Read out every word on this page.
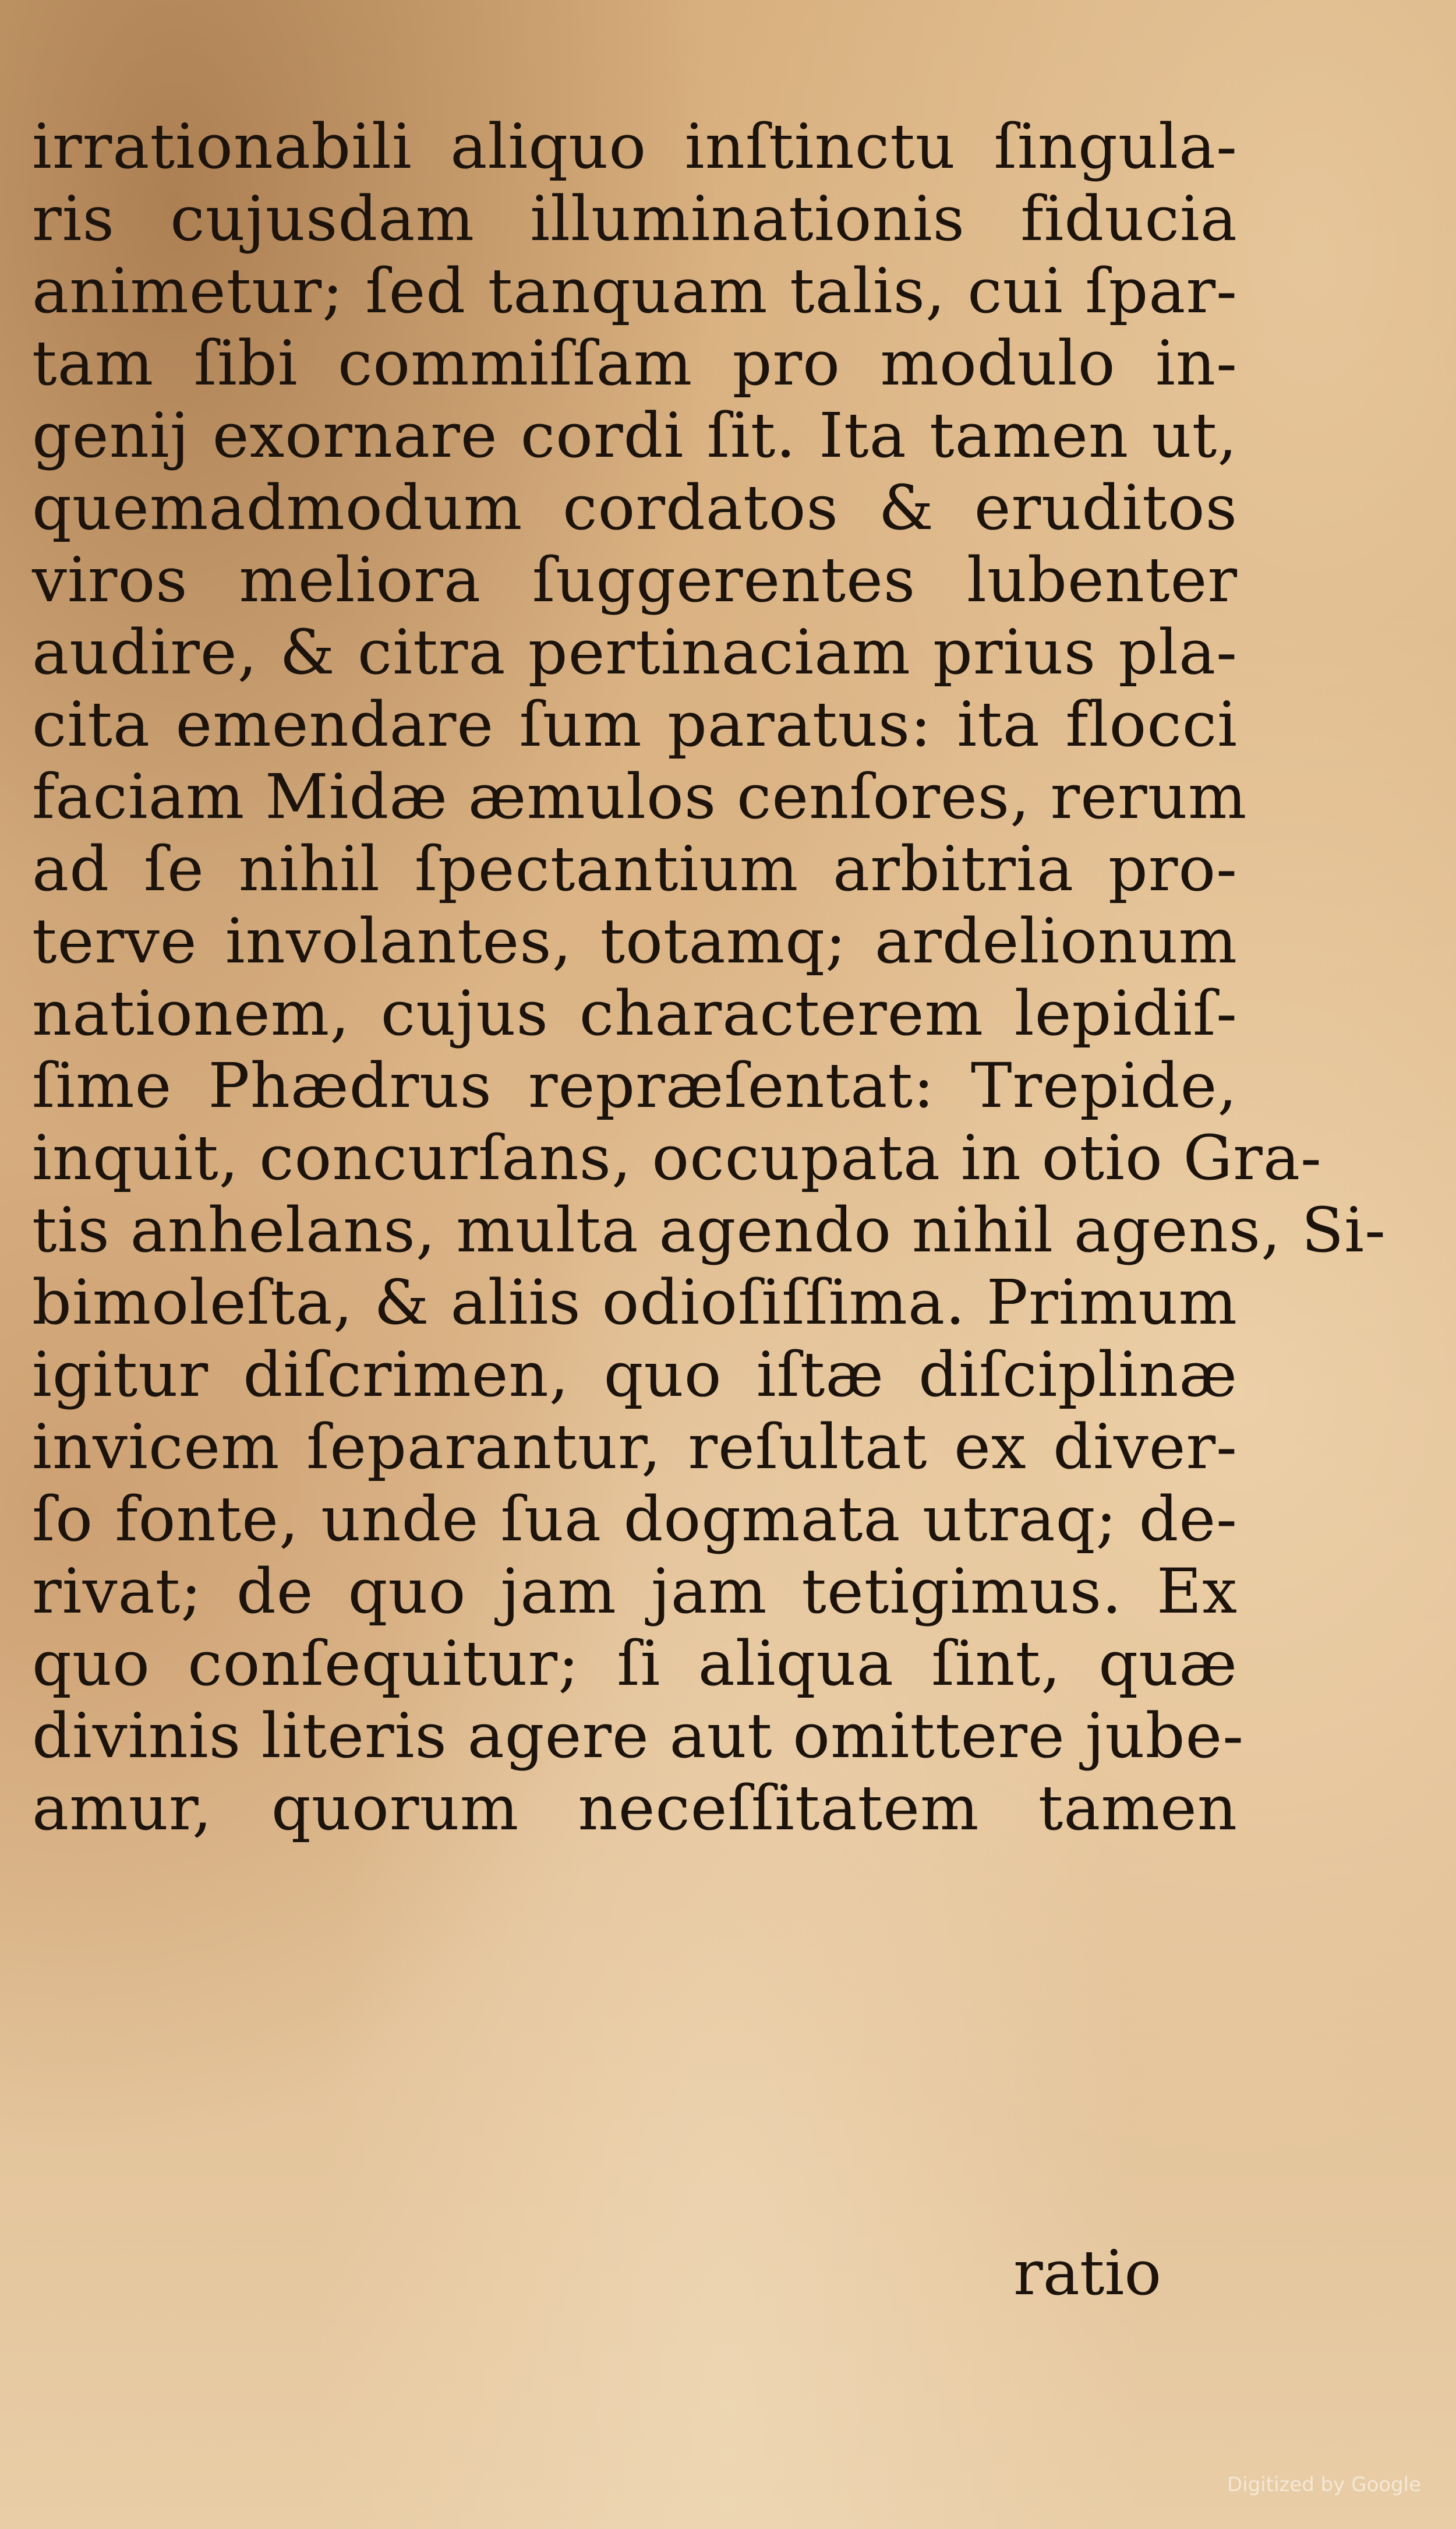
irrationabili aliquo inſtinctu ſingula-
ris cujusdam illuminationis fiducia
animetur; ſed tanquam talis, cui ſpar-
tam ſibi commiſſam pro modulo in-
genij exornare cordi ſit. Ita tamen ut,
quemadmodum cordatos & eruditos
viros meliora ſuggerentes lubenter
audire, & citra pertinaciam prius pla-
cita emendare ſum paratus: ita flocci
faciam Midæ æmulos cenſores, rerum
ad ſe nihil ſpectantium arbitria pro-
terve involantes, totamq; ardelionum
nationem, cujus characterem lepidiſ-
ſime Phædrus repræſentat: Trepide,
inquit, concurſans, occupata in otio Gra-
tis anhelans, multa agendo nihil agens, Si-
bimoleſta, & aliis odioſiſſima. Primum
igitur diſcrimen, quo iſtæ diſciplinæ
invicem ſeparantur, reſultat ex diver-
ſo fonte, unde ſua dogmata utraq; de-
rivat; de quo jam jam tetigimus. Ex
quo conſequitur; ſi aliqua ſint, quæ
divinis literis agere aut omittere jube-
amur, quorum neceſſitatem tamen
ratio
Digitized by Google
